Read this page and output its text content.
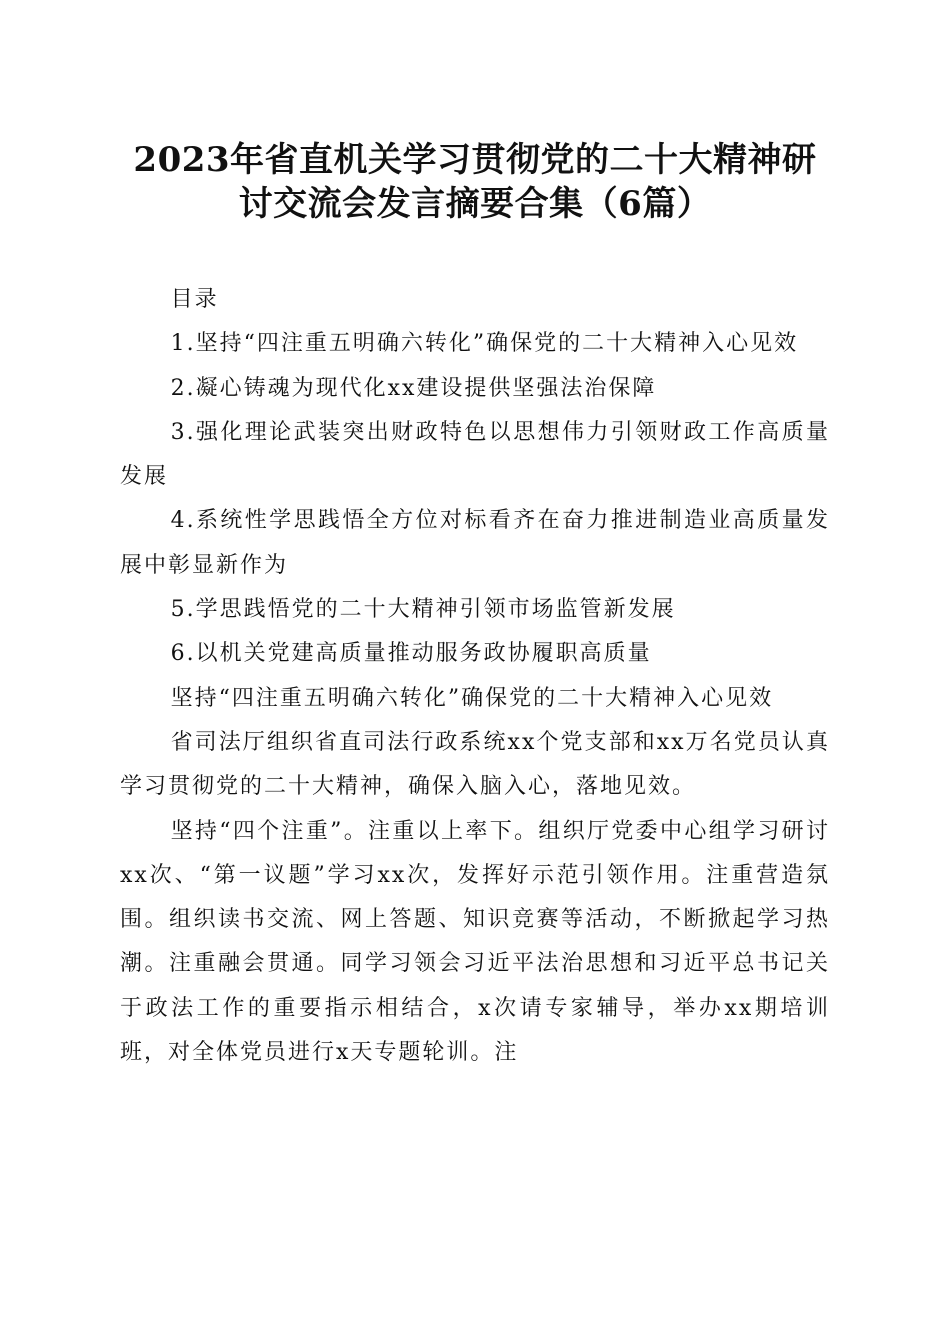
2023年省直机关学习贯彻党的二十大精神研
讨交流会发言摘要合集（6篇）

目录

1.坚持“四注重五明确六转化”确保党的二十大精神入心见效

2.凝心铸魂为现代化xx建设提供坚强法治保障

3.强化理论武装突出财政特色以思想伟力引领财政工作高质量发展

4.系统性学思践悟全方位对标看齐在奋力推进制造业高质量发展中彰显新作为

5.学思践悟党的二十大精神引领市场监管新发展

6.以机关党建高质量推动服务政协履职高质量

坚持“四注重五明确六转化”确保党的二十大精神入心见效

省司法厅组织省直司法行政系统xx个党支部和xx万名党员认真学习贯彻党的二十大精神，确保入脑入心，落地见效。

坚持“四个注重”。注重以上率下。组织厅党委中心组学习研讨xx次、“第一议题”学习xx次，发挥好示范引领作用。注重营造氛围。组织读书交流、网上答题、知识竞赛等活动，不断掀起学习热潮。注重融会贯通。同学习领会习近平法治思想和习近平总书记关于政法工作的重要指示相结合，x次请专家辅导，举办xx期培训班，对全体党员进行x天专题轮训。注
